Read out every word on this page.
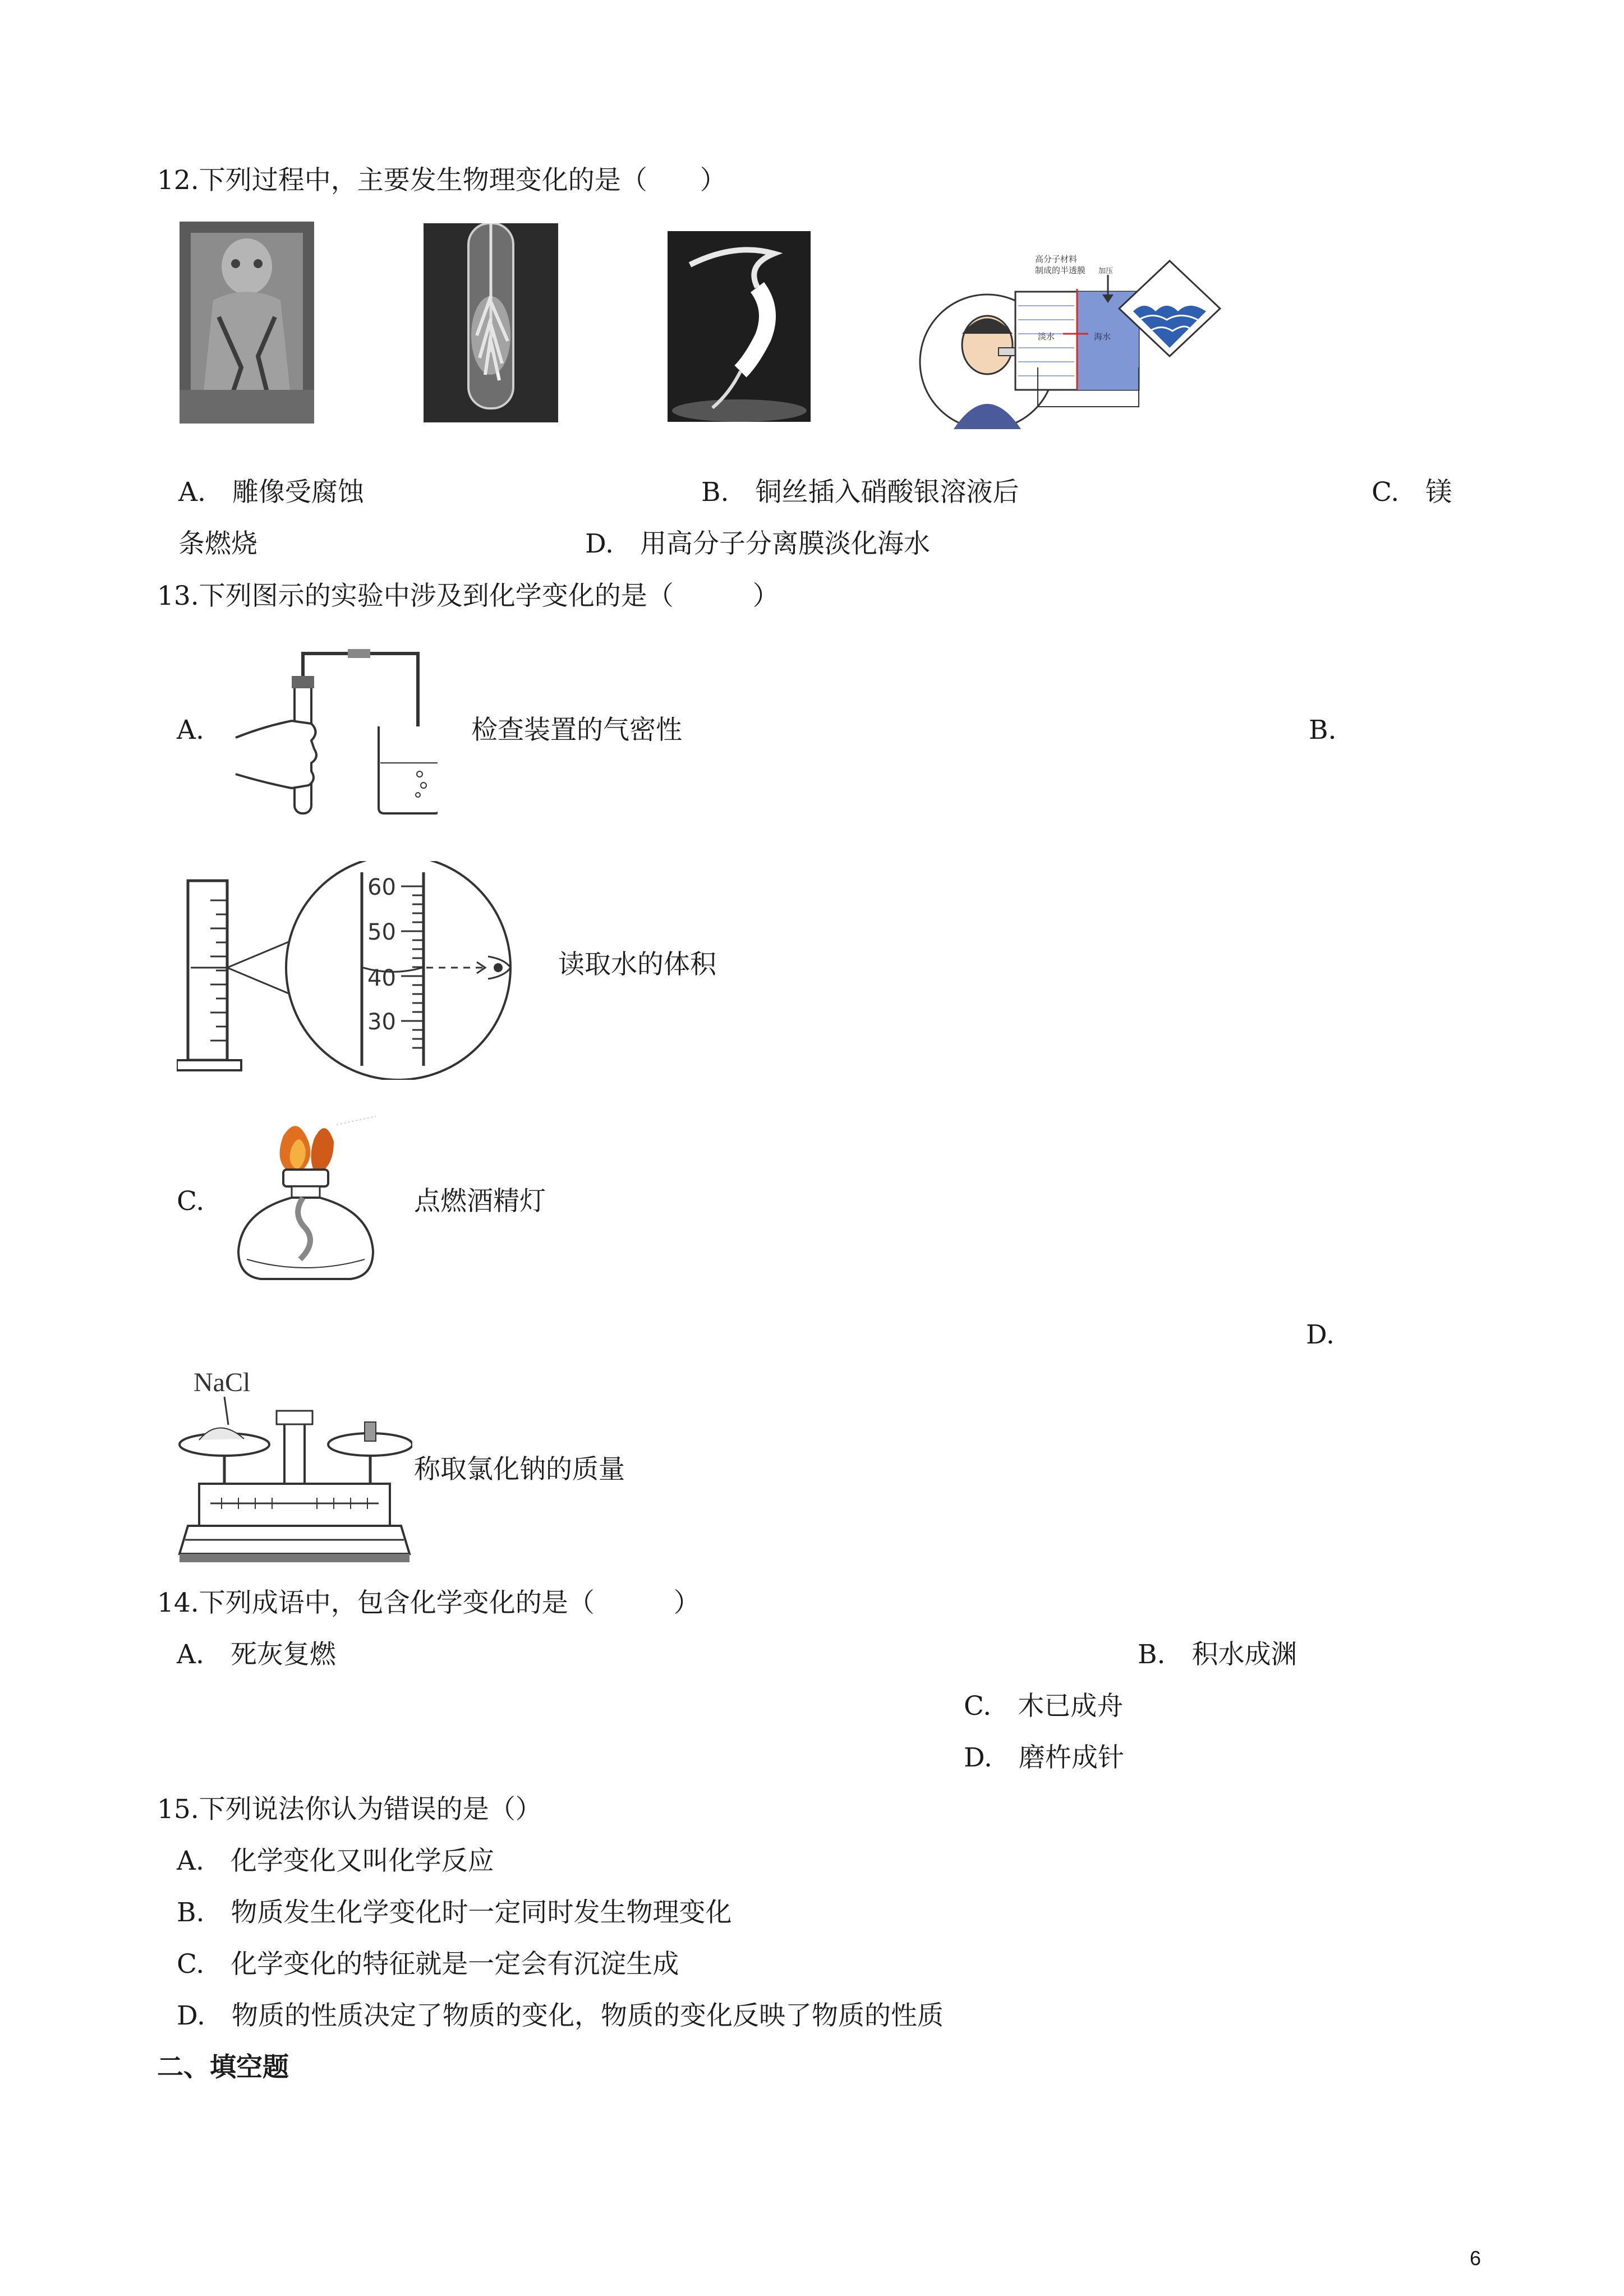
12.下列过程中，主要发生物理变化的是（　　）
高分子材料
制成的半透膜 加压
淡水	海水
A.　雕像受腐蚀	B.　铜丝插入硝酸银溶液后	C.　镁
条燃烧	D.　用高分子分离膜淡化海水
13.下列图示的实验中涉及到化学变化的是（　　　）
A.	检查装置的气密性	B.
60
50
40
30
读取水的体积
C.	点燃酒精灯
D.
NaCl
称取氯化钠的质量
14.下列成语中，包含化学变化的是（　　　）
A.　死灰复燃	B.　积水成渊
C.　木已成舟
D.　磨杵成针
15.下列说法你认为错误的是（）
A.　化学变化又叫化学反应
B.　物质发生化学变化时一定同时发生物理变化
C.　化学变化的特征就是一定会有沉淀生成
D.　物质的性质决定了物质的变化，物质的变化反映了物质的性质
二、填空题
6
